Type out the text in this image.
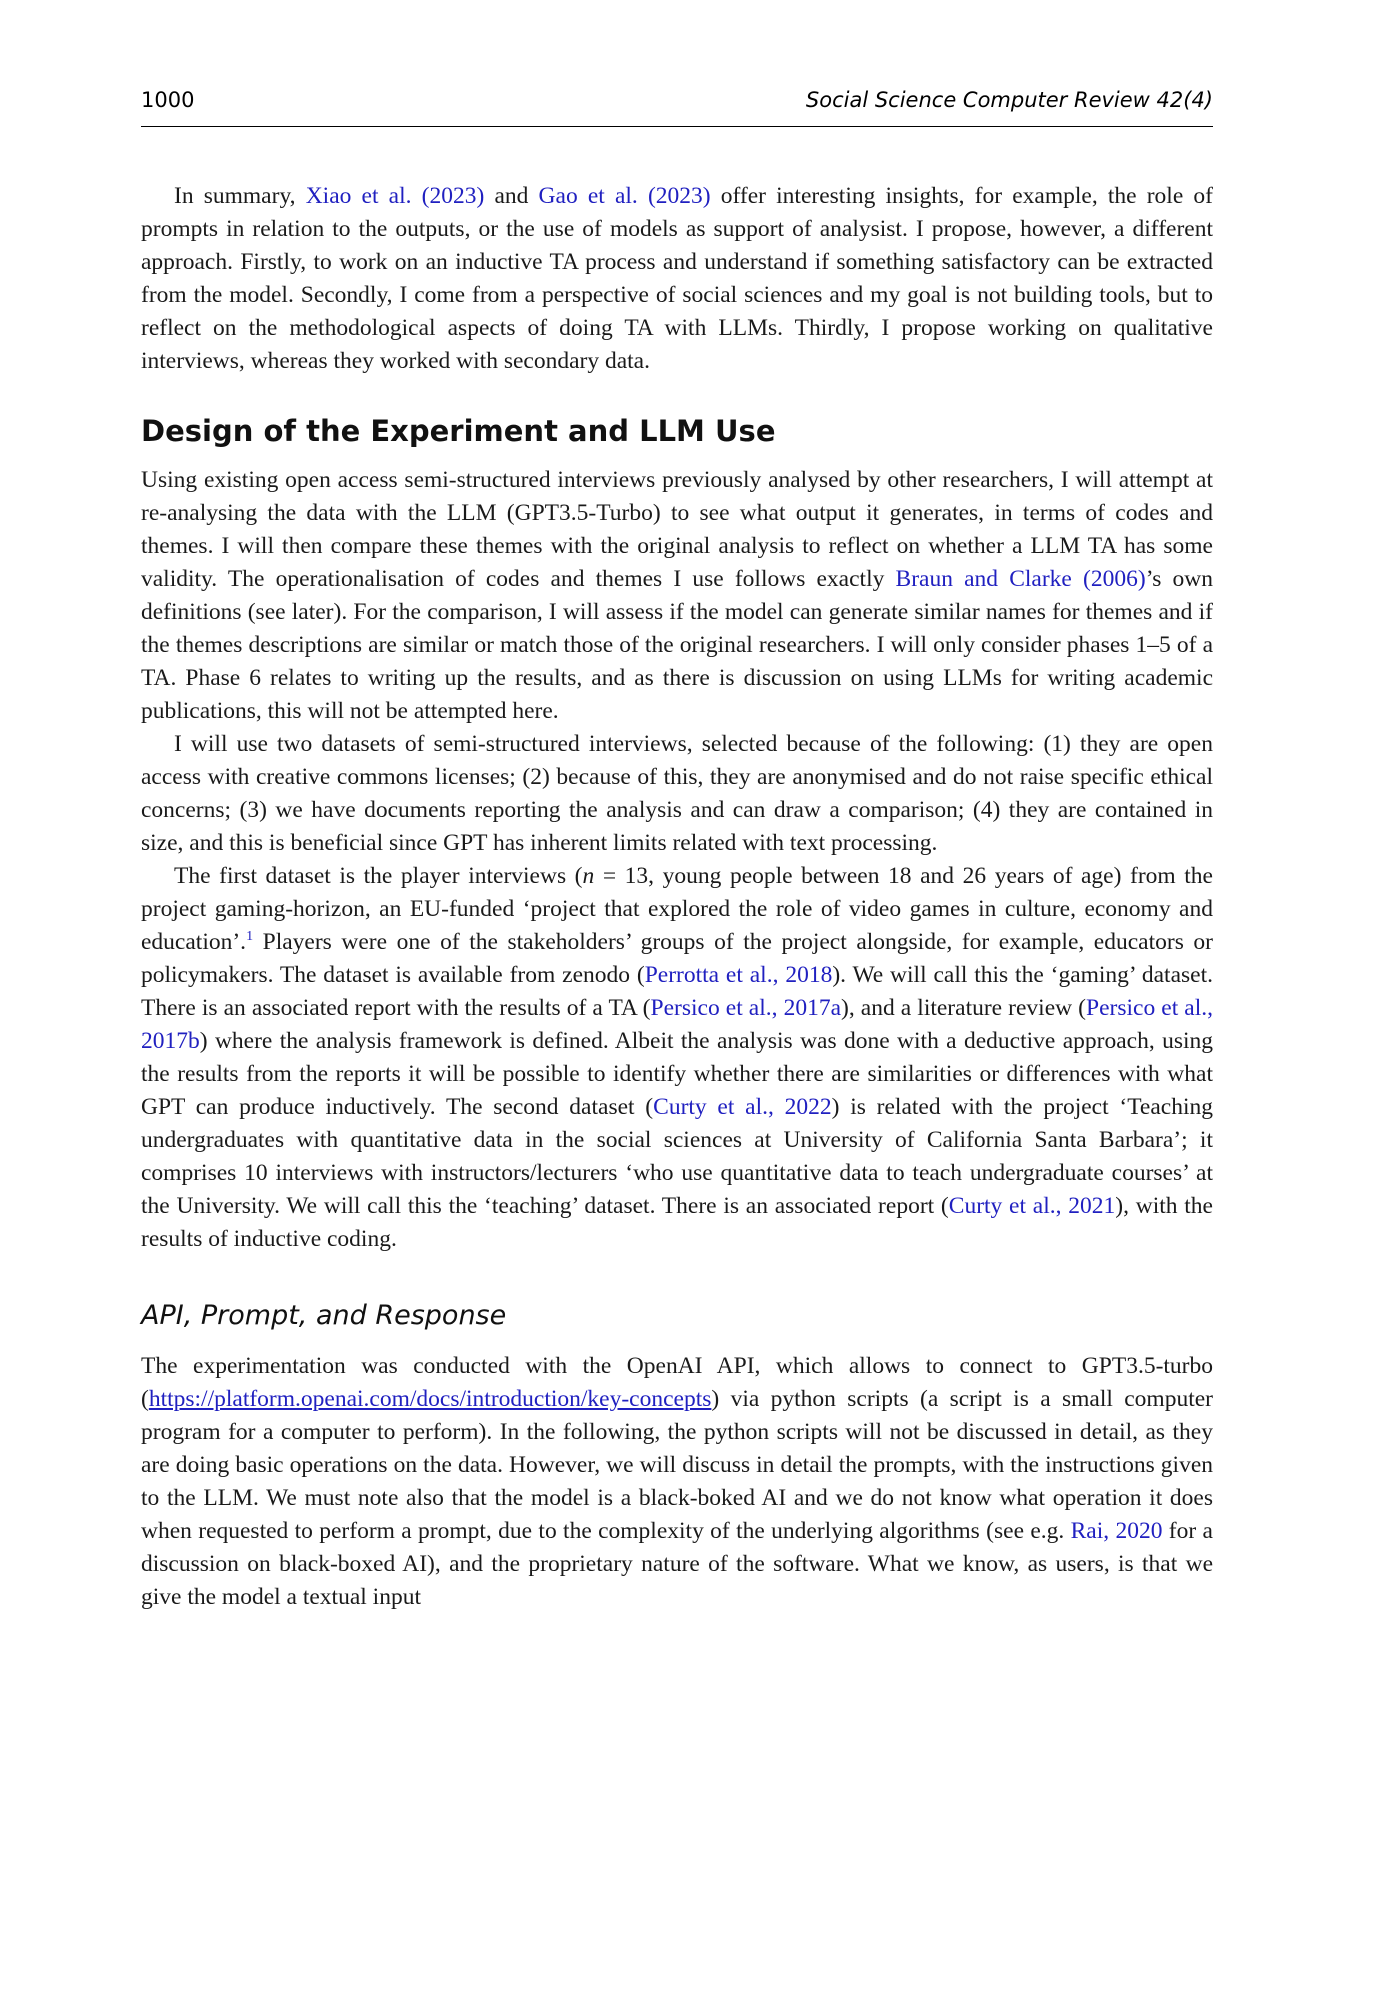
1000	Social Science Computer Review 42(4)

In summary, Xiao et al. (2023) and Gao et al. (2023) offer interesting insights, for example, the role of prompts in relation to the outputs, or the use of models as support of analysist. I propose, however, a different approach. Firstly, to work on an inductive TA process and understand if something satisfactory can be extracted from the model. Secondly, I come from a perspective of social sciences and my goal is not building tools, but to reflect on the methodological aspects of doing TA with LLMs. Thirdly, I propose working on qualitative interviews, whereas they worked with secondary data.

Design of the Experiment and LLM Use

Using existing open access semi-structured interviews previously analysed by other researchers, I will attempt at re-analysing the data with the LLM (GPT3.5-Turbo) to see what output it generates, in terms of codes and themes. I will then compare these themes with the original analysis to reflect on whether a LLM TA has some validity. The operationalisation of codes and themes I use follows exactly Braun and Clarke (2006)’s own definitions (see later). For the comparison, I will assess if the model can generate similar names for themes and if the themes descriptions are similar or match those of the original researchers. I will only consider phases 1–5 of a TA. Phase 6 relates to writing up the results, and as there is discussion on using LLMs for writing academic publications, this will not be attempted here.

I will use two datasets of semi-structured interviews, selected because of the following: (1) they are open access with creative commons licenses; (2) because of this, they are anonymised and do not raise specific ethical concerns; (3) we have documents reporting the analysis and can draw a comparison; (4) they are contained in size, and this is beneficial since GPT has inherent limits related with text processing.

The first dataset is the player interviews (n = 13, young people between 18 and 26 years of age) from the project gaming-horizon, an EU-funded ‘project that explored the role of video games in culture, economy and education’.$^1$ Players were one of the stakeholders’ groups of the project alongside, for example, educators or policymakers. The dataset is available from zenodo (Perrotta et al., 2018). We will call this the ‘gaming’ dataset. There is an associated report with the results of a TA (Persico et al., 2017a), and a literature review (Persico et al., 2017b) where the analysis framework is defined. Albeit the analysis was done with a deductive approach, using the results from the reports it will be possible to identify whether there are similarities or differences with what GPT can produce inductively. The second dataset (Curty et al., 2022) is related with the project ‘Teaching undergraduates with quantitative data in the social sciences at University of California Santa Barbara’; it comprises 10 interviews with instructors/lecturers ‘who use quantitative data to teach undergraduate courses’ at the University. We will call this the ‘teaching’ dataset. There is an associated report (Curty et al., 2021), with the results of inductive coding.

API, Prompt, and Response

The experimentation was conducted with the OpenAI API, which allows to connect to GPT3.5-turbo (https://platform.openai.com/docs/introduction/key-concepts) via python scripts (a script is a small computer program for a computer to perform). In the following, the python scripts will not be discussed in detail, as they are doing basic operations on the data. However, we will discuss in detail the prompts, with the instructions given to the LLM. We must note also that the model is a black-boked AI and we do not know what operation it does when requested to perform a prompt, due to the complexity of the underlying algorithms (see e.g. Rai, 2020 for a discussion on black-boxed AI), and the proprietary nature of the software. What we know, as users, is that we give the model a textual input
